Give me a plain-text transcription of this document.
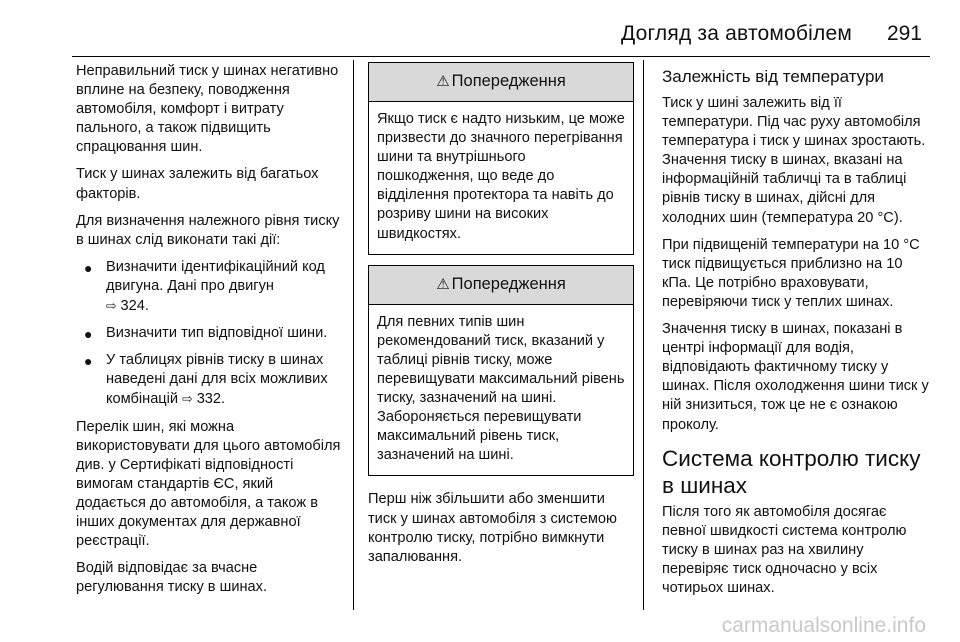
Догляд за автомобілем 291

Неправильний тиск у шинах негативно вплине на безпеку, поводження автомобіля, комфорт і витрату пального, а також підвищить спрацювання шин.

Тиск у шинах залежить від багатьох факторів.

Для визначення належного рівня тиску в шинах слід виконати такі дії:

● Визначити ідентифікаційний код двигуна. Дані про двигун
⇨ 324.
● Визначити тип відповідної шини.
● У таблицях рівнів тиску в шинах наведені дані для всіх можливих комбінацій ⇨ 332.

Перелік шин, які можна використовувати для цього автомобіля див. у Сертифікаті відповідності вимогам стандартів ЄС, який додається до автомобіля, а також в інших документах для державної реєстрації.

Водій відповідає за вчасне регулювання тиску в шинах.

⚠ Попередження

Якщо тиск є надто низьким, це може призвести до значного перегрівання шини та внутрішнього пошкодження, що веде до відділення протектора та навіть до розриву шини на високих швидкостях.

⚠ Попередження

Для певних типів шин рекомендований тиск, вказаний у таблиці рівнів тиску, може перевищувати максимальний рівень тиску, зазначений на шині. Забороняється перевищувати максимальний рівень тиск, зазначений на шині.

Перш ніж збільшити або зменшити тиск у шинах автомобіля з системою контролю тиску, потрібно вимкнути запалювання.

Залежність від температури

Тиск у шині залежить від її температури. Під час руху автомобіля температура і тиск у шинах зростають. Значення тиску в шинах, вказані на інформаційній табличці та в таблиці рівнів тиску в шинах, дійсні для холодних шин (температура 20 °C).

При підвищеній температури на 10 °C тиск підвищується приблизно на 10 кПа. Це потрібно враховувати, перевіряючи тиск у теплих шинах.

Значення тиску в шинах, показані в центрі інформації для водія, відповідають фактичному тиску у шинах. Після охолодження шини тиск у ній знизиться, тож це не є ознакою проколу.

Система контролю тиску в шинах

Після того як автомобіля досягає певної швидкості система контролю тиску в шинах раз на хвилину перевіряє тиск одночасно у всіх чотирьох шинах.

carmanualsonline.info
